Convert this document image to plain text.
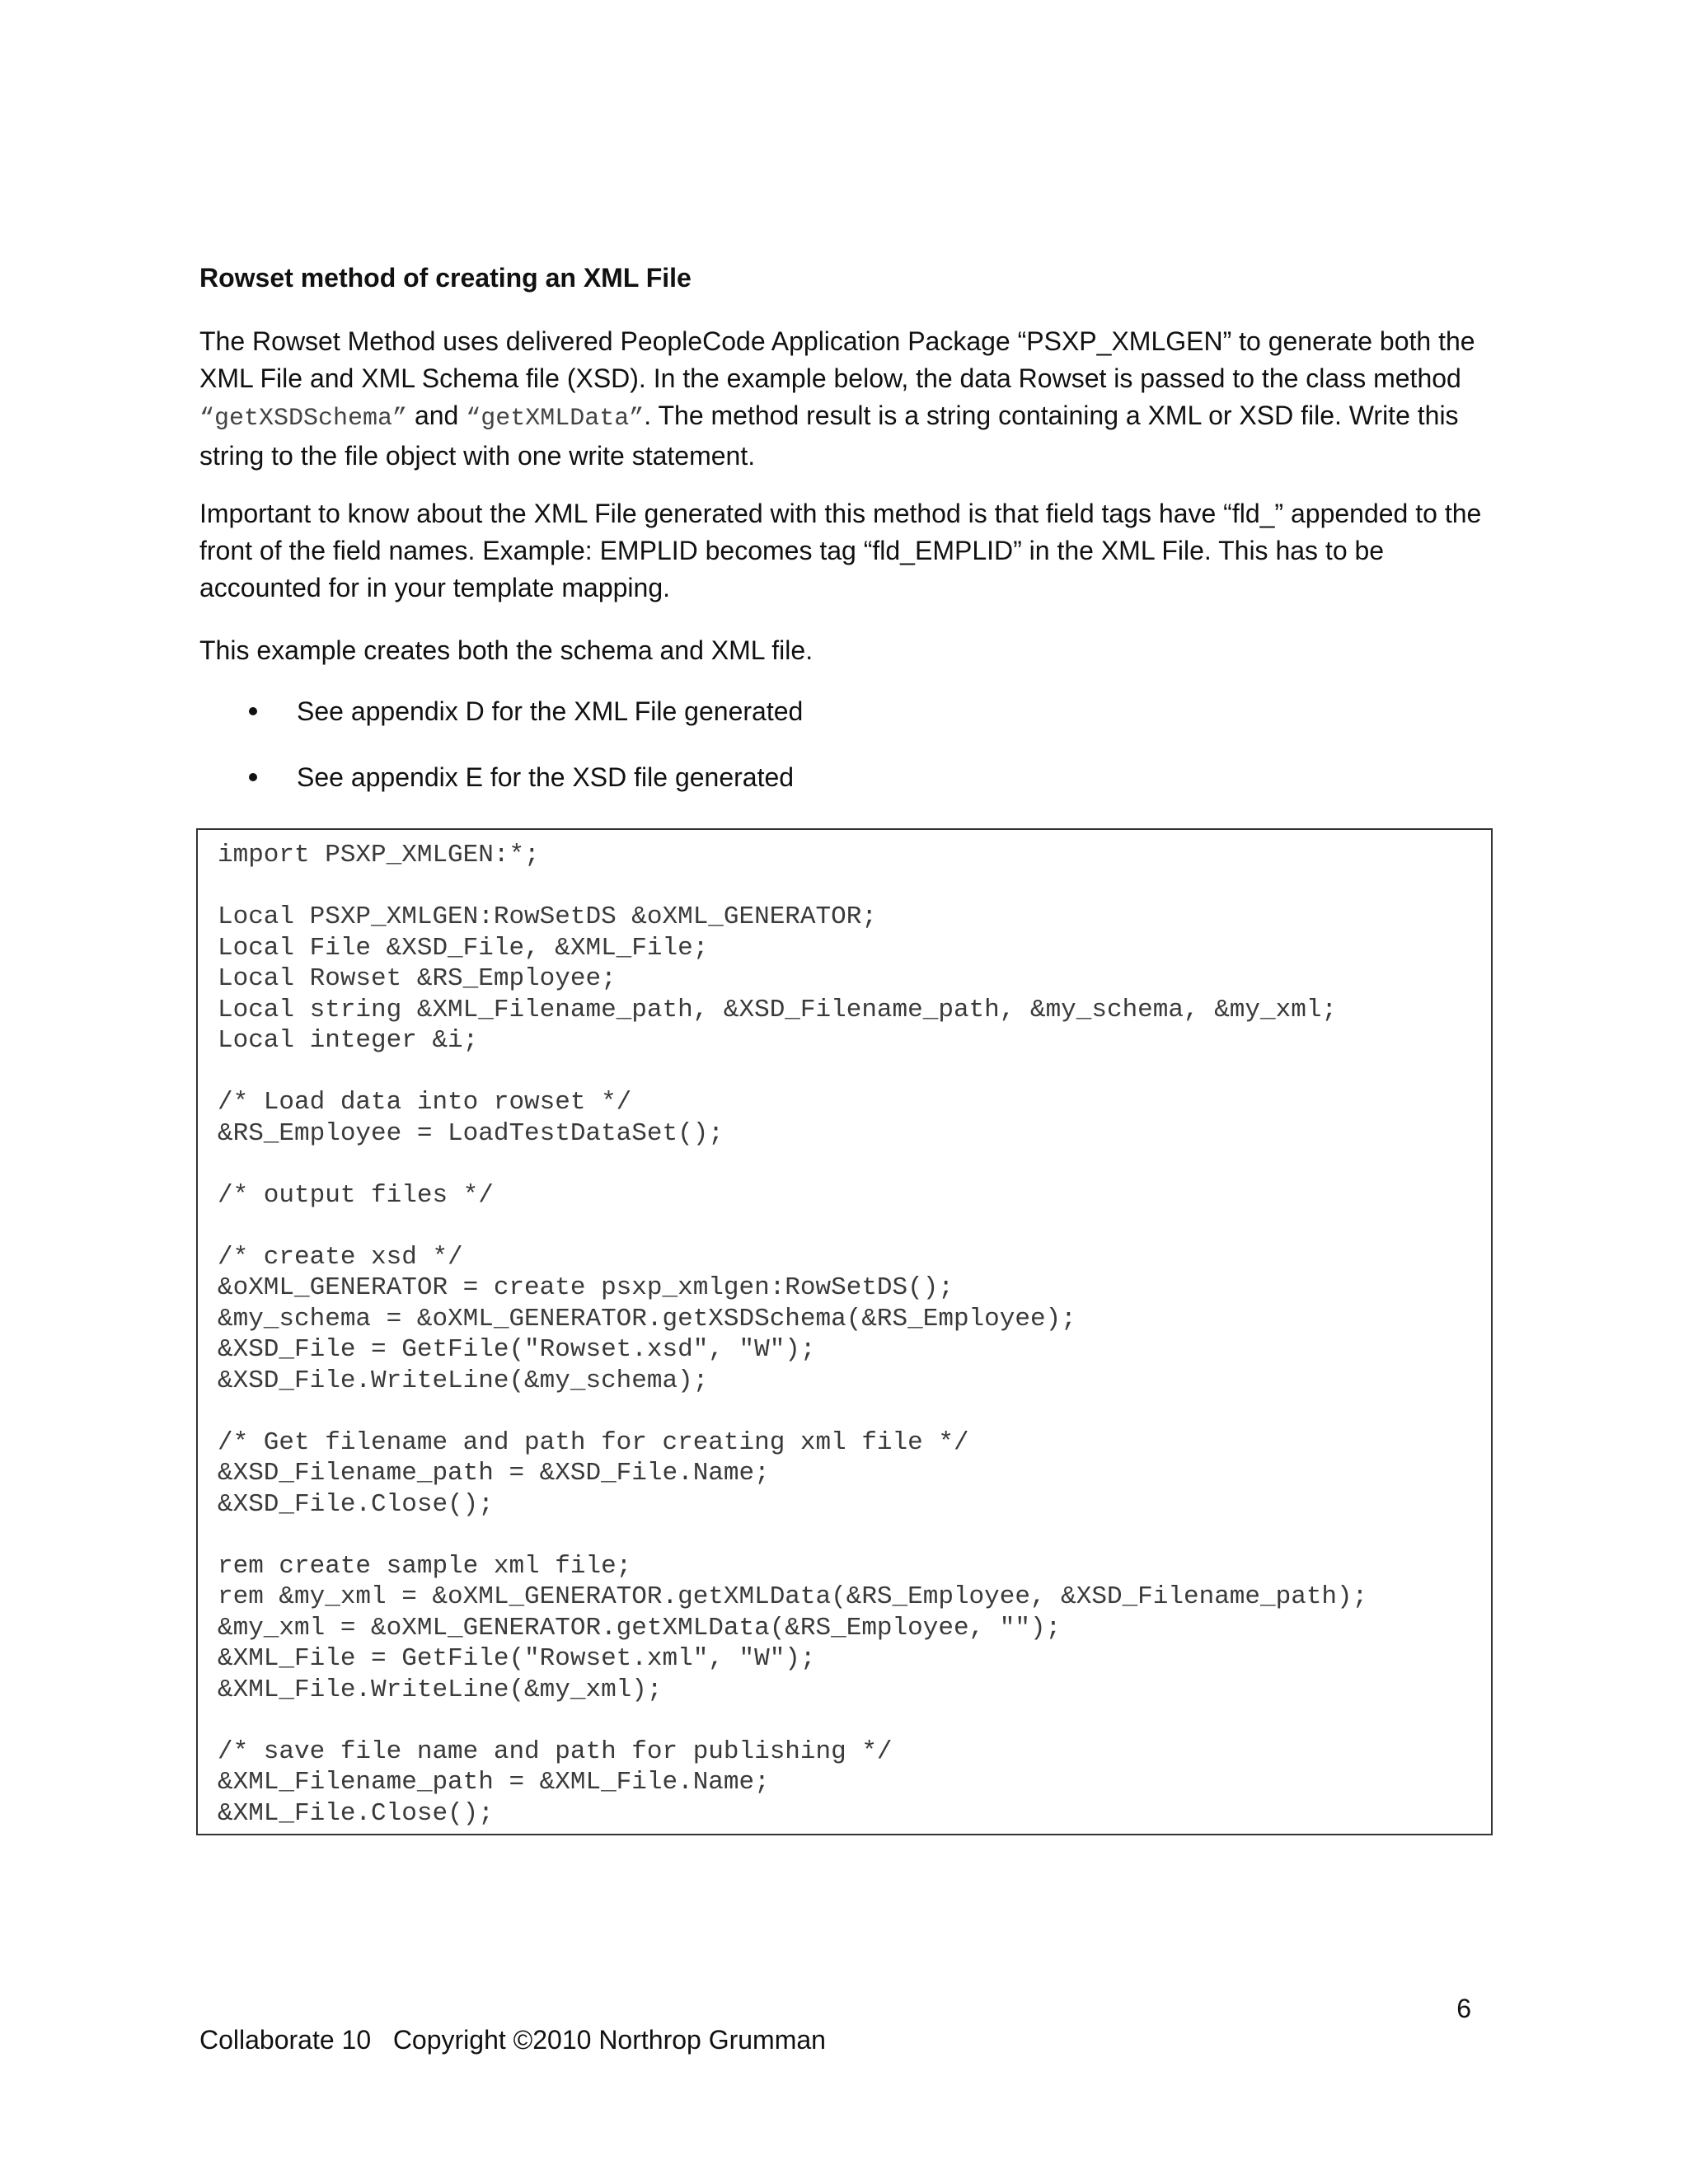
Rowset method of creating an XML File

The Rowset Method uses delivered PeopleCode Application Package “PSXP_XMLGEN” to generate both the XML File and XML Schema file (XSD). In the example below, the data Rowset is passed to the class method “getXSDSchema” and “getXMLData”. The method result is a string containing a XML or XSD file. Write this string to the file object with one write statement.

Important to know about the XML File generated with this method is that field tags have “fld_” appended to the front of the field names. Example: EMPLID becomes tag “fld_EMPLID” in the XML File. This has to be accounted for in your template mapping.

This example creates both the schema and XML file.

See appendix D for the XML File generated
See appendix E for the XSD file generated
import PSXP_XMLGEN:*;
Local PSXP_XMLGEN:RowSetDS &oXML_GENERATOR;
Local File &XSD_File, &XML_File;
Local Rowset &RS_Employee;
Local string &XML_Filename_path, &XSD_Filename_path, &my_schema, &my_xml;
Local integer &i;
/* Load data into rowset */
&RS_Employee = LoadTestDataSet();
/* output files */
/* create xsd */
&oXML_GENERATOR = create psxp_xmlgen:RowSetDS();
&my_schema = &oXML_GENERATOR.getXSDSchema(&RS_Employee);
&XSD_File = GetFile("Rowset.xsd", "W");
&XSD_File.WriteLine(&my_schema);
/* Get filename and path for creating xml file */
&XSD_Filename_path = &XSD_File.Name;
&XSD_File.Close();
rem create sample xml file;
rem &my_xml = &oXML_GENERATOR.getXMLData(&RS_Employee, &XSD_Filename_path);
&my_xml = &oXML_GENERATOR.getXMLData(&RS_Employee, "");
&XML_File = GetFile("Rowset.xml", "W");
&XML_File.WriteLine(&my_xml);
/* save file name and path for publishing */
&XML_Filename_path = &XML_File.Name;
&XML_File.Close();
6
Collaborate 10   Copyright ©2010 Northrop Grumman
